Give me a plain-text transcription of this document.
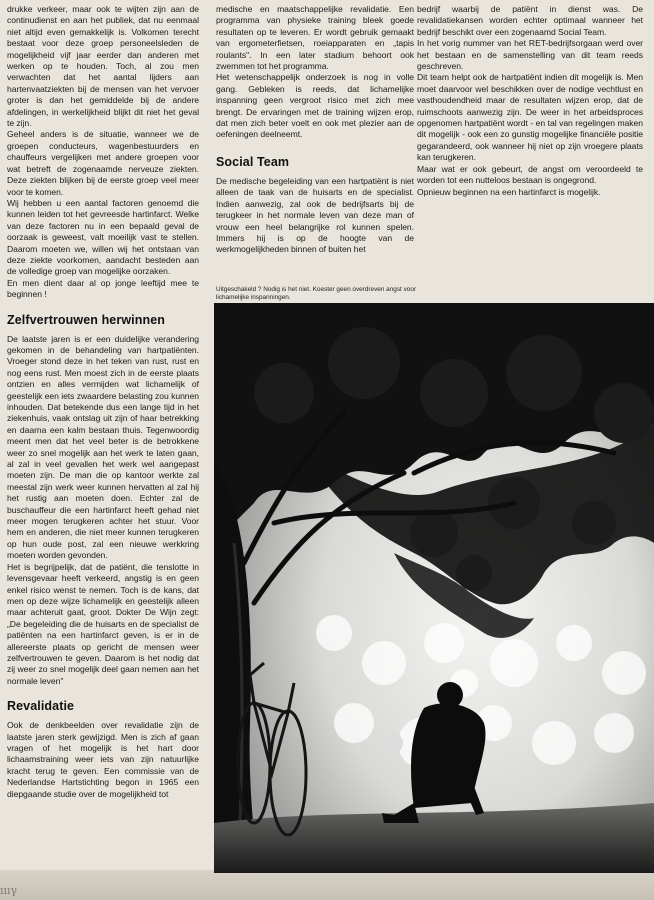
drukke verkeer, maar ook te wijten zijn aan de continudienst en aan het publiek, dat nu eenmaal niet altijd even gemakkelijk is. Volkomen terecht bestaat voor deze groep personeelsleden de mogelijkheid vijf jaar eerder dan anderen met werken op te houden. Toch, al zou men verwachten dat het aantal lijders aan hartenvaatziekten bij de mensen van het vervoer groter is dan het gemiddelde bij de andere afdelingen, in werkelijkheid blijkt dit niet het geval te zijn.

Geheel anders is de situatie, wanneer we de groepen conducteurs, wagenbestuurders en chauffeurs vergelijken met andere groepen voor wat betreft de zogenaamde nerveuze ziekten. Deze ziekten blijken bij de eerste groep veel meer voor te komen.

Wij hebben u een aantal factoren genoemd die kunnen leiden tot het gevreesde hartinfarct. Welke van deze factoren nu in een bepaald geval de oorzaak is geweest, valt moeilijk vast te stellen. Daarom moeten we, willen wij het ontstaan van deze ziekte voorkomen, aandacht besteden aan de volledige groep van mogelijke oorzaken.

En men dient daar al op jonge leeftijd mee te beginnen !

Zelfvertrouwen herwinnen

De laatste jaren is er een duidelijke verandering gekomen in de behandeling van hartpatiënten. Vroeger stond deze in het teken van rust, rust en nog eens rust. Men moest zich in de eerste plaats ontzien en alles vermijden wat lichamelijk of geestelijk een iets zwaardere belasting zou kunnen inhouden. Dat betekende dus een lange tijd in het ziekenhuis, vaak ontslag uit zijn of haar betrekking en daarna een kalm bestaan thuis. Tegenwoordig meent men dat het veel beter is de betrokkene weer zo snel mogelijk aan het werk te laten gaan, al zal in veel gevallen het werk wel aangepast moeten zijn. De man die op kantoor werkte zal meestal zijn werk weer kunnen hervatten al zal hij het rustig aan moeten doen. Echter zal de buschauffeur die een hartinfarct heeft gehad niet meer mogen terugkeren achter het stuur. Voor hem en anderen, die niet meer kunnen terugkeren op hun oude post, zal een nieuwe werkkring moeten worden gevonden.

Het is begrijpelijk, dat de patiënt, die tenslotte in levensgevaar heeft verkeerd, angstig is en geen enkel risico wenst te nemen. Toch is de kans, dat men op deze wijze lichamelijk en geestelijk alleen maar achteruit gaat, groot. Dokter De Wijn zegt: „De begeleiding die de huisarts en de specialist de patiënten na een hartinfarct geven, is er in de allereerste plaats op gericht de mensen weer zelfvertrouwen te geven. Daarom is het nodig dat zij weer zo snel mogelijk deel gaan nemen aan het normale leven"

Revalidatie

Ook de denkbeelden over revalidatie zijn de laatste jaren sterk gewijzigd. Men is zich af gaan vragen of het mogelijk is het hart door lichaamstraining weer iets van zijn natuurlijke kracht terug te geven. Een commissie van de Nederlandse Hartstichting begon in 1965 een diepgaande studie over de mogelijkheid tot

medische en maatschappelijke revalidatie. Een programma van physieke training bleek goede resultaten op te leveren. Er wordt gebruik gemaakt van ergometerfietsen, roeiapparaten en „tapis roulants". In een later stadium behoort ook zwemmen tot het programma.

Het wetenschappelijk onderzoek is nog in volle gang. Gebleken is reeds, dat lichamelijke inspanning geen vergroot risico met zich mee brengt. De ervaringen met de training wijzen erop, dat men zich beter voelt en ook met plezier aan de oefeningen deelneemt.

Social Team

De medische begeleiding van een hartpatiënt is niet alleen de taak van de huisarts en de specialist. Indien aanwezig, zal ook de bedrijfsarts bij de terugkeer in het normale leven van deze man of vrouw een heel belangrijke rol kunnen spelen. Immers hij is op de hoogte van de werkmogelijkheden binnen of buiten het

bedrijf waarbij de patiënt in dienst was. De revalidatiekansen worden echter optimaal wanneer het bedrijf beschikt over een zogenaamd Social Team.

In het vorig nummer van het RET-bedrijfsorgaan werd over het bestaan en de samenstelling van dit team reeds geschreven.

Dit team helpt ook de hartpatiënt indien dit mogelijk is. Men moet daarvoor wel beschikken over de nodige vechtlust en vasthoudendheid maar de resultaten wijzen erop, dat de ruimschoots aanwezig zijn. De weer in het arbeidsproces opgenomen hartpatiënt wordt - en tal van regelingen maken dit mogelijk - ook een zo gunstig mogelijke financiële positie gegarandeerd, ook wanneer hij niet op zijn vroegere plaats kan terugkeren.

Maar wat er ook gebeurt, de angst om veroordeeld te worden tot een nutteloos bestaan is ongegrond.

Opnieuw beginnen na een hartinfarct is mogelijk.

Uitgeschakeld ? Nodig is het niet. Koester geen overdreven angst voor lichamelijke inspanningen.
ıııγ
